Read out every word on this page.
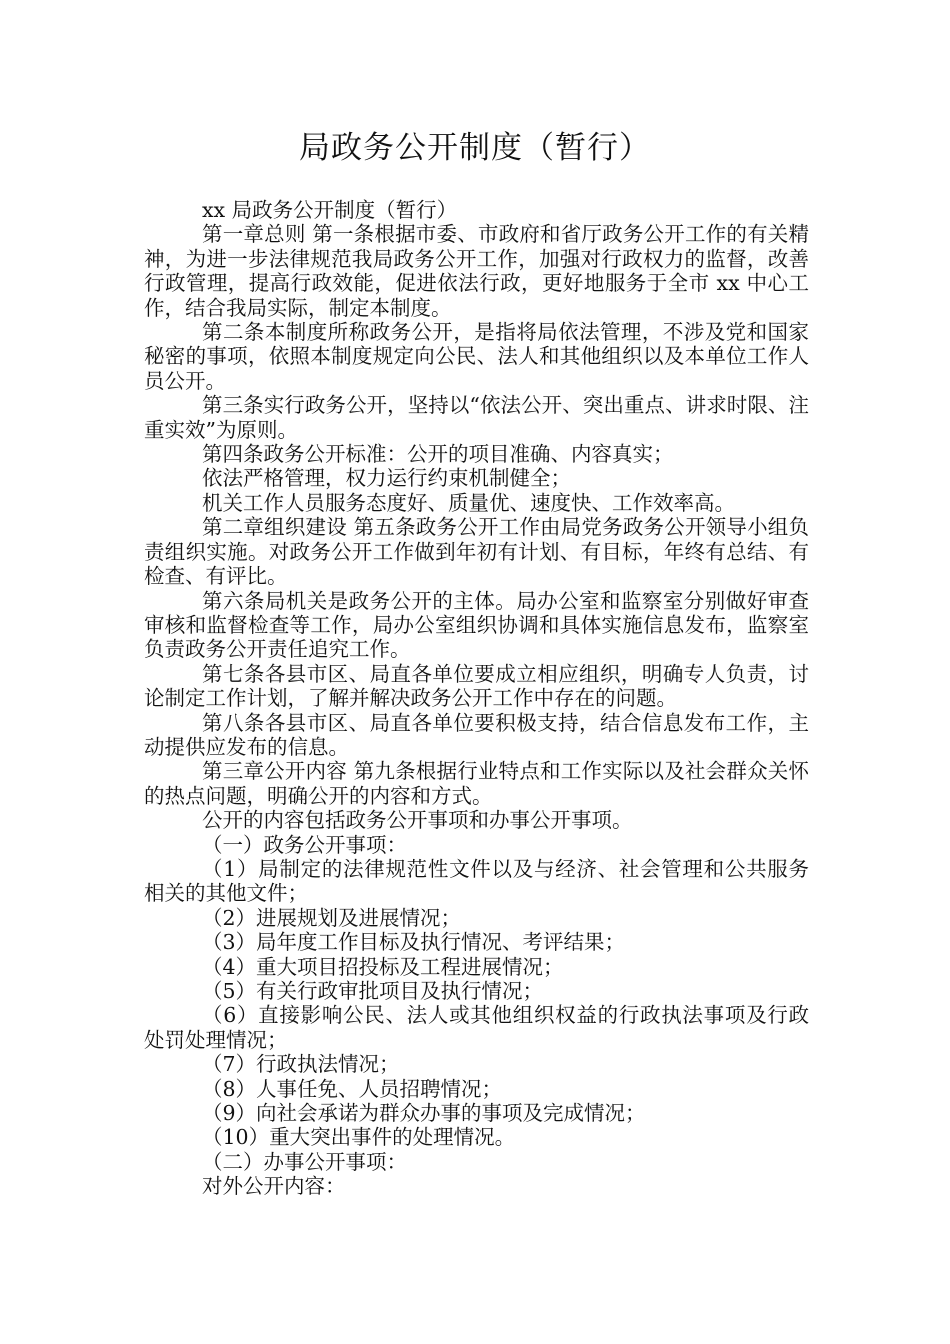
局政务公开制度（暂行）

xx 局政务公开制度（暂行）

第一章总则 第一条根据市委、市政府和省厅政务公开工作的有关精神，为进一步法律规范我局政务公开工作，加强对行政权力的监督，改善行政管理，提高行政效能，促进依法行政，更好地服务于全市 xx 中心工作，结合我局实际，制定本制度。

第二条本制度所称政务公开，是指将局依法管理，不涉及党和国家秘密的事项，依照本制度规定向公民、法人和其他组织以及本单位工作人员公开。

第三条实行政务公开，坚持以“依法公开、突出重点、讲求时限、注重实效”为原则。

第四条政务公开标准：公开的项目准确、内容真实；

依法严格管理，权力运行约束机制健全；

机关工作人员服务态度好、质量优、速度快、工作效率高。

第二章组织建设 第五条政务公开工作由局党务政务公开领导小组负责组织实施。对政务公开工作做到年初有计划、有目标，年终有总结、有检查、有评比。

第六条局机关是政务公开的主体。局办公室和监察室分别做好审查审核和监督检查等工作，局办公室组织协调和具体实施信息发布，监察室负责政务公开责任追究工作。

第七条各县市区、局直各单位要成立相应组织，明确专人负责，讨论制定工作计划，了解并解决政务公开工作中存在的问题。

第八条各县市区、局直各单位要积极支持，结合信息发布工作，主动提供应发布的信息。

第三章公开内容 第九条根据行业特点和工作实际以及社会群众关怀的热点问题，明确公开的内容和方式。

公开的内容包括政务公开事项和办事公开事项。

（一）政务公开事项：

（1）局制定的法律规范性文件以及与经济、社会管理和公共服务相关的其他文件；

（2）进展规划及进展情况；

（3）局年度工作目标及执行情况、考评结果；

（4）重大项目招投标及工程进展情况；

（5）有关行政审批项目及执行情况；

（6）直接影响公民、法人或其他组织权益的行政执法事项及行政处罚处理情况；

（7）行政执法情况；

（8）人事任免、人员招聘情况；

（9）向社会承诺为群众办事的事项及完成情况；

（10）重大突出事件的处理情况。

（二）办事公开事项：

对外公开内容：
